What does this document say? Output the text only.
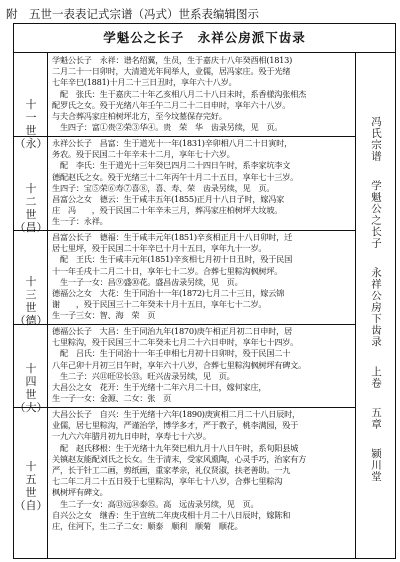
附　五世一表表记式宗谱（冯式）世系表编辑图示
学魁公之长子　永祥公房派下齿录
十
一
世
（永）
学魁公长子　永祥：谱名绍翼，生员，生于嘉庆十八年癸酉相(1813)
二月二十一日卯时，大清道光年间举人，业儒，居冯家庄。殁于光绪
七年辛巳(1881)十月二十三日丑时，享年六十八岁。
　配　张氏：生于嘉庆二十年乙亥相八月二十八日未时，系香様沟张相杰
配罗氏之女。殁于光绪八年壬午二月二十二日申时，享年六十八岁。
与夫合葬冯家庄柏树坪北方，至今坟墓保存完好。
　生四子：富①贵②荣③华④。贵　荣　华　齿录另续，见　页。
十
二
世
（昌）
永祥公长子　昌富：生于道光十一年(1831)辛卯相八月二十日寅时，
务农。殁于民国二十年辛未十二月，享年七十六岁。
　配　李氏：生于道光十三年癸巳四月二十四日午时，系李家坑李文
德配赵氏之女。殁于光绪三十二年丙午十月二十五日，享年七十三岁。
生四子：宝⑤荣⑥寿⑦喜⑧，喜、寿、荣　齿录另续，见　页。
昌富公之女　德云：生于咸丰五年(1855)正月十八日子时，嫁冯家
庄　冯　　，殁于民国二十年辛未三月，葬冯家庄柏树坪大坟坡。
生一子：永祥。
十
三
世
（德）
昌富公长子　德福：生于咸丰元年(1851)辛亥相正月十八日卯时，迁
居七里坪，殁于民国二十年辛巳十月十五日，享年九十一岁。
　配　王氏：生于咸丰元年(1851)辛亥相七月初十日丑时，殁于民国
十一年壬戌十二月二十日，享年七十二岁。合葬七里粽沟枫树坪。
　生一子一女：昌⑨盛⑩花。盛昌齿录另续，见　页。
德福公之女　大花：生于同治十一年(1872)七月二十三日，嫁云锦
谢　　，殁于民国三十二年癸未十月十五日，享年七十二岁。
生一子三女：智、海　荣　页
十
四
世
（大）
德福公长子　大昌：生于同治九年(1870)庚午相正月初二日申时，居
七里粽沟，殁于民国三十二年癸未七月二十六日申时，享年七十四岁。
　配　吕氏：生于同治十一年壬申相七月初十日卯时，殁于民国二十
八年己卯十月初三日午时，享年六十八岁，合葬七里粽沟枫树坪有碑文。
　生二子：兴⑪旺⑫长⑬。旺兴齿录另续，见　页。
大昌公之女　花开：生于光绪十二年六月二十日，嫁何家庄，
生一子一女：金源、二女：张　页
十
五
世
（自）
大昌公长子　自兴：生于光绪十六年(1890)庚寅相二月二十八日辰时，
业儒，居七里粽沟，严谨治学，博学多才，严于教子，桃李满园，殁于
一九六六年腊月初九日申时，享寿七十六岁。
　配　赵氏移根：生于光绪十九年癸巳相九月十八日午时，系旬阳县城
关镇赵友能配刘氏之长女。生于清末，受家风熏陶，心灵手巧，治家有方
严，长于针工二画，剪纸画，重家孝亲，礼仪贤淑，扶老善助。一九
七二年二月二十五日殁于七里粽沟，享年七十八岁，合葬七里粽沟
枫树坪有碑文。
　生二子一女：高⑬远⑭泰⑮。高　远齿录另续，见　页。
自兴公之女　继香：生于宣统二年庚戌相十月二十八日辰时，嫁陈和
庄，住河下，生二子二女：顺泰　顺利　顺菊　顺花。
冯氏宗谱学魁公之长子永祥公房下齿录上卷五章颍川堂
